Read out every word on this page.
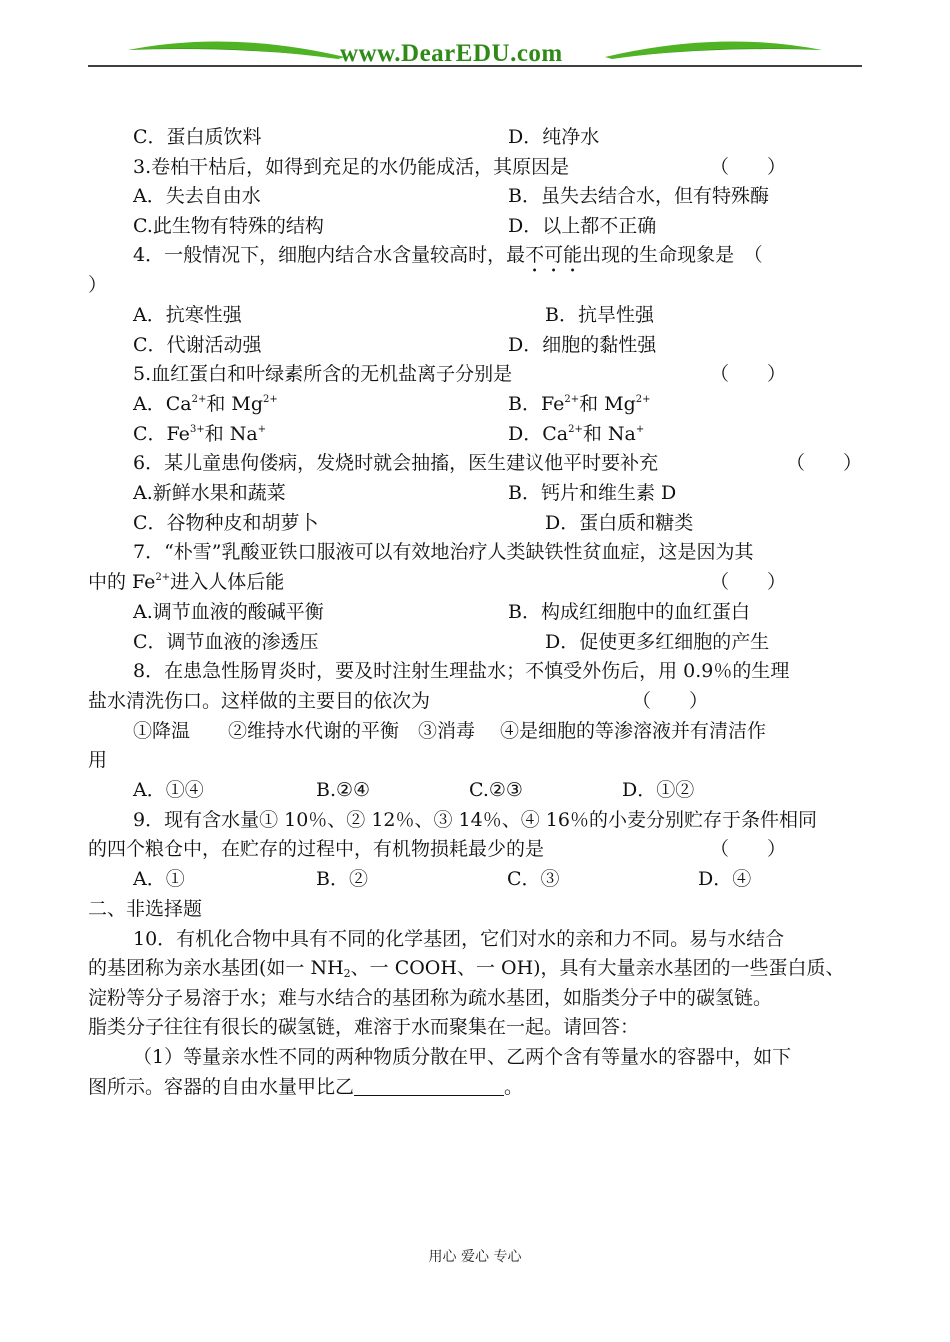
www.DearEDU.com
C．蛋白质饮料	D．纯净水
3.卷柏干枯后，如得到充足的水仍能成活，其原因是	（　　）
A．失去自由水	B．虽失去结合水，但有特殊酶
C.此生物有特殊的结构	D．以上都不正确
4．一般情况下，细胞内结合水含量较高时，最不可能出现的生命现象是　（
）
A．抗寒性强	B．抗旱性强
C．代谢活动强	D．细胞的黏性强
5.血红蛋白和叶绿素所含的无机盐离子分别是	（　　）
A．$Ca^{2+}$和 $Mg^{2+}$	B．$Fe^{2+}$和 $Mg^{2+}$
C．$Fe^{3+}$和 Na+	D．$Ca^{2+}$和 Na+
6．某儿童患佝偻病，发烧时就会抽搐，医生建议他平时要补充	（　　）
A.新鲜水果和蔬菜	B．钙片和维生素 D
C．谷物种皮和胡萝卜	D．蛋白质和糖类
7．“朴雪”乳酸亚铁口服液可以有效地治疗人类缺铁性贫血症，这是因为其
中的 $Fe^{2+}$进入人体后能	（　　）
A.调节血液的酸碱平衡	B．构成红细胞中的血红蛋白
C．调节血液的渗透压	D．促使更多红细胞的产生
8．在患急性肠胃炎时，要及时注射生理盐水；不慎受外伤后，用 0.9％的生理
盐水清洗伤口。这样做的主要目的依次为	（　　）
①降温　　②维持水代谢的平衡　③消毒　 ④是细胞的等渗溶液并有清洁作
用
A．①④	B.②④	C.②③	D．①②
9．现有含水量① 10％、② 12％、③ 14％、④ 16％的小麦分别贮存于条件相同
的四个粮仓中，在贮存的过程中，有机物损耗最少的是	（　　）
A．①	B．②	C．③	D．④
二、非选择题
10．有机化合物中具有不同的化学基团，它们对水的亲和力不同。易与水结合
的基团称为亲水基团(如一 $NH_2$、一 COOH、一 OH)，具有大量亲水基团的一些蛋白质、
淀粉等分子易溶于水；难与水结合的基团称为疏水基团，如脂类分子中的碳氢链。
脂类分子往往有很长的碳氢链，难溶于水而聚集在一起。请回答：
（1）等量亲水性不同的两种物质分散在甲、乙两个含有等量水的容器中，如下
图所示。容器的自由水量甲比乙	。
用心 爱心 专心
